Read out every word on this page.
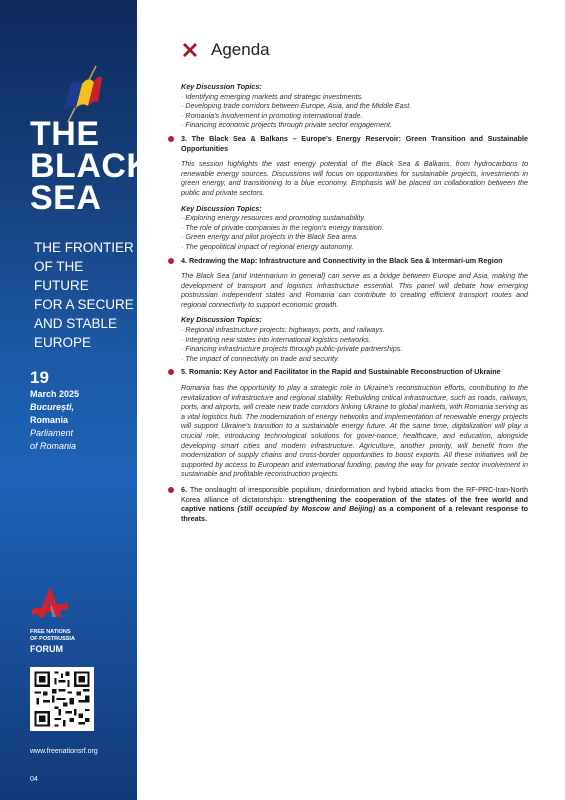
THE
BLACK
SEA
THE FRONTIER
OF THE FUTURE
FOR A SECURE
AND STABLE
EUROPE
19
March 2025
București,
Romania
Parliament
of Romania
FREE NATIONS
OF POSTRUSSIA
FORUM
www.freenationsrf.org
04
Agenda
Key Discussion Topics:
· Identifying emerging markets and strategic investments.
· Developing trade corridors between Europe, Asia, and the Middle East.
· Romania's involvement in promoting international trade.
· Financing economic projects through private sector engagement.
3. The Black Sea & Balkans – Europe's Energy Reservoir: Green Transition and Sustainable Opportunities
This session highlights the vast energy potential of the Black Sea & Balkans, from hydrocarbons to renewable energy sources. Discussions will focus on opportunities for sustainable projects, investments in green energy, and transitioning to a blue economy. Emphasis will be placed on collaboration between the public and private sectors.
Key Discussion Topics:
· Exploring energy resources and promoting sustainability.
· The role of private companies in the region's energy transition.
· Green energy and pilot projects in the Black Sea area.
· The geopolitical impact of regional energy autonomy.
4. Redrawing the Map: Infrastructure and Connectivity in the Black Sea & Intermari-um Region
The Black Sea (and Intermarium in general) can serve as a bridge between Europe and Asia, making the development of transport and logistics infrastructure essential. This panel will debate how emerging postrussian independent states and Romania can contribute to creating efficient transport routes and regional connectivity to support economic growth.
Key Discussion Topics:
· Regional infrastructure projects: highways, ports, and railways.
· Integrating new states into international logistics networks.
· Financing infrastructure projects through public-private partnerships.
· The impact of connectivity on trade and security.
5. Romania: Key Actor and Facilitator in the Rapid and Sustainable Reconstruction of Ukraine
Romania has the opportunity to play a strategic role in Ukraine's reconstruction efforts, contributing to the revitalization of infrastructure and regional stability. Rebuilding critical infrastructure, such as roads, railways, ports, and airports, will create new trade corridors linking Ukraine to global markets, with Romania serving as a vital logistics hub. The modernization of energy networks and implementation of renewable energy projects will support Ukraine's transition to a sustainable energy future. At the same time, digitalization will play a crucial role, introducing technological solutions for gover-nance, healthcare, and education, alongside developing smart cities and modern infrastructure. Agriculture, another priority, will benefit from the modernization of supply chains and cross-border opportunities to boost exports. All these initiatives will be supported by access to European and international funding, paving the way for private sector involvement in sustainable and profitable reconstruction projects.
6. The onslaught of irresponsible populism, disinformation and hybrid attacks from the RF-PRC-Iran-North Korea alliance of dictatorships: strengthening the cooperation of the states of the free world and captive nations (still occupied by Moscow and Beijing) as a component of a relevant response to threats.
